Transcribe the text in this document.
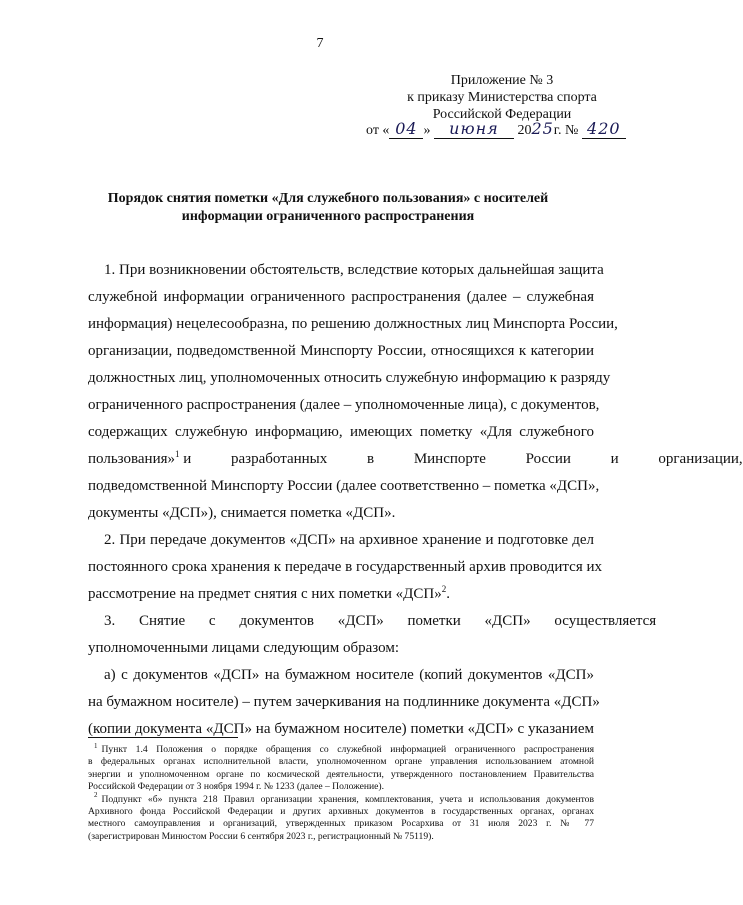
7
Приложение № 3
к приказу Министерства спорта
Российской Федерации
от « 04 » июня 2025г. № 420
Порядок снятия пометки «Для служебного пользования» с носителей
информации ограниченного распространения

1. При возникновении обстоятельств, вследствие которых дальнейшая защита
служебной информации ограниченного распространения (далее – служебная
информация) нецелесообразна, по решению должностных лиц Минспорта России,
организации, подведомственной Минспорту России, относящихся к категории
должностных лиц, уполномоченных относить служебную информацию к разряду
ограниченного распространения (далее – уполномоченные лица), с документов,
содержащих служебную информацию, имеющих пометку «Для служебного
пользования»$^1$ и разработанных в Минспорте России и организации,
подведомственной Минспорту России (далее соответственно – пометка «ДСП»,
документы «ДСП»), снимается пометка «ДСП».

2. При передаче документов «ДСП» на архивное хранение и подготовке дел
постоянного срока хранения к передаче в государственный архив проводится их
рассмотрение на предмет снятия с них пометки «ДСП»$^2$.

3. Снятие с документов «ДСП» пометки «ДСП» осуществляется
уполномоченными лицами следующим образом:

а) с документов «ДСП» на бумажном носителе (копий документов «ДСП»
на бумажном носителе) – путем зачеркивания на подлиннике документа «ДСП»
(копии документа «ДСП» на бумажном носителе) пометки «ДСП» с указанием

$^1$ Пункт 1.4 Положения о порядке обращения со служебной информацией ограниченного распространения
в федеральных органах исполнительной власти, уполномоченном органе управления использованием атомной
энергии и уполномоченном органе по космической деятельности, утвержденного постановлением Правительства
Российской Федерации от 3 ноября 1994 г. № 1233 (далее – Положение).
$^2$ Подпункт «б» пункта 218 Правил организации хранения, комплектования, учета и использования документов
Архивного фонда Российской Федерации и других архивных документов в государственных органах, органах
местного самоуправления и организаций, утвержденных приказом Росархива от 31 июля 2023 г. № 77
(зарегистрирован Минюстом России 6 сентября 2023 г., регистрационный № 75119).
